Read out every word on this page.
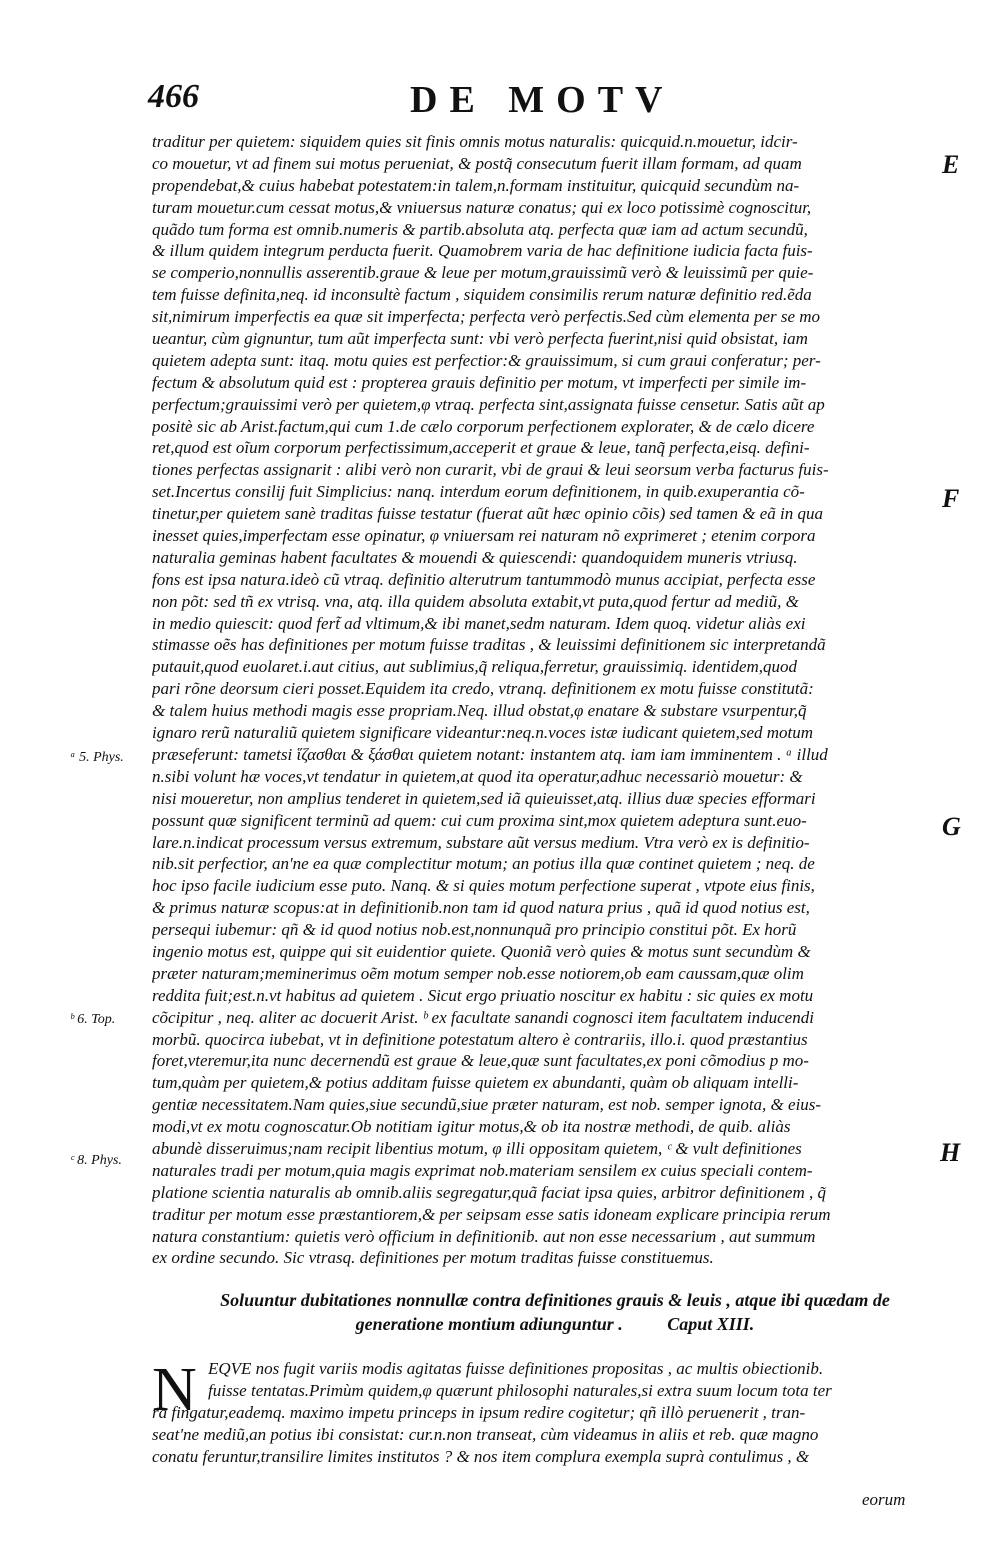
466	DE MOTV
traditur per quietem: siquidem quies sit finis omnis motus naturalis: quicquid.n.mouetur, idcir-
co mouetur, vt ad finem sui motus perueniat, & postq̃ consecutum fuerit illam formam, ad quam
propendebat,& cuius habebat potestatem:in talem,n.formam instituitur, quicquid secundùm na-
turam mouetur.cum cessat motus,& vniuersus naturæ conatus; qui ex loco potissimè cognoscitur,
quãdo tum forma est omnib.numeris & partib.absoluta atq. perfecta quæ iam ad actum secundũ,
& illum quidem integrum perducta fuerit. Quamobrem varia de hac definitione iudicia facta fuis-
se comperio,nonnullis asserentib.graue & leue per motum,grauissimũ verò & leuissimũ per quie-
tem fuisse definita,neq. id inconsultè factum , siquidem consimilis rerum naturæ definitio red.ẽda
sit,nimirum imperfectis ea quæ sit imperfecta; perfecta verò perfectis.Sed cùm elementa per se mo
ueantur, cùm gignuntur, tum aũt imperfecta sunt: vbi verò perfecta fuerint,nisi quid obsistat, iam
quietem adepta sunt: itaq. motu quies est perfectior:& grauissimum, si cum graui conferatur; per-
fectum & absolutum quid est : propterea grauis definitio per motum, vt imperfecti per simile im-
perfectum;grauissimi verò per quietem,φ vtraq. perfecta sint,assignata fuisse censetur. Satis aũt ap
positè sic ab Arist.factum,qui cum 1.de cælo corporum perfectionem explorater, & de cælo dicere
ret,quod est oĩum corporum perfectissimum,acceperit et graue & leue, tanq̃ perfecta,eisq. defini-
tiones perfectas assignarit : alibi verò non curarit, vbi de graui & leui seorsum verba facturus fuis-
set.Incertus consilij fuit Simplicius: nanq. interdum eorum definitionem, in quib.exuperantia cõ-
tinetur,per quietem sanè traditas fuisse testatur (fuerat aũt hæc opinio cõis) sed tamen & eã in qua
inesset quies,imperfectam esse opinatur, φ vniuersam rei naturam nõ exprimeret ; etenim corpora
naturalia geminas habent facultates & mouendi & quiescendi: quandoquidem muneris vtriusq.
fons est ipsa natura.ideò cũ vtraq. definitio alterutrum tantummodò munus accipiat, perfecta esse
non põt: sed tñ ex vtrisq. vna, atq. illa quidem absoluta extabit,vt puta,quod fertur ad mediũ, &
in medio quiescit: quod fert̃ ad vltimum,& ibi manet,sedm naturam. Idem quoq. videtur aliàs exi
stimasse oẽs has definitiones per motum fuisse traditas , & leuissimi definitionem sic interpretandã
putauit,quod euolaret.i.aut citius, aut sublimius,q̃ reliqua,ferretur, grauissimiq. identidem,quod
pari rõne deorsum cieri posset.Equidem ita credo, vtranq. definitionem ex motu fuisse constitutã:
& talem huius methodi magis esse propriam.Neq. illud obstat,φ enatare & substare vsurpentur,q̃
ignaro rerũ naturaliũ quietem significare videantur:neq.n.voces istæ iudicant quietem,sed motum
præseferunt: tametsi ἵζασθαι & ξάσθαι quietem notant: instantem atq. iam iam imminentem . ᵃ illud
n.sibi volunt hæ voces,vt tendatur in quietem,at quod ita operatur,adhuc necessariò mouetur: &
nisi moueretur, non amplius tenderet in quietem,sed iã quieuisset,atq. illius duæ species efformari
possunt quæ significent terminũ ad quem: cui cum proxima sint,mox quietem adeptura sunt.euo-
lare.n.indicat processum versus extremum, substare aũt versus medium. Vtra verò ex is definitio-
nib.sit perfectior, an'ne ea quæ complectitur motum; an potius illa quæ continet quietem ; neq. de
hoc ipso facile iudicium esse puto. Nanq. & si quies motum perfectione superat , vtpote eius finis,
& primus naturæ scopus:at in definitionib.non tam id quod natura prius , quã id quod notius est,
persequi iubemur: qñ & id quod notius nob.est,nonnunquã pro principio constitui põt. Ex horũ
ingenio motus est, quippe qui sit euidentior quiete. Quoniã verò quies & motus sunt secundùm &
præter naturam;meminerimus oẽm motum semper nob.esse notiorem,ob eam caussam,quæ olim
reddita fuit;est.n.vt habitus ad quietem . Sicut ergo priuatio noscitur ex habitu : sic quies ex motu
cõcipitur , neq. aliter ac docuerit Arist. ᵇ ex facultate sanandi cognosci item facultatem inducendi
morbũ. quocirca iubebat, vt in definitione potestatum altero è contrariis, illo.i. quod præstantius
foret,vteremur,ita nunc decernendũ est graue & leue,quæ sunt facultates,ex poni cõmodius p mo-
tum,quàm per quietem,& potius additam fuisse quietem ex abundanti, quàm ob aliquam intelli-
gentiæ necessitatem.Nam quies,siue secundũ,siue præter naturam, est nob. semper ignota, & eius-
modi,vt ex motu cognoscatur.Ob notitiam igitur motus,& ob ita nostræ methodi, de quib. aliàs
abundè disseruimus;nam recipit libentius motum, φ illi oppositam quietem, ᶜ & vult definitiones
naturales tradi per motum,quia magis exprimat nob.materiam sensilem ex cuius speciali contem-
platione scientia naturalis ab omnib.aliis segregatur,quã faciat ipsa quies, arbitror definitionem , q̃
traditur per motum esse præstantiorem,& per seipsam esse satis idoneam explicare principia rerum
natura constantium: quietis verò officium in definitionib. aut non esse necessarium , aut summum
ex ordine secundo. Sic vtrasq. definitiones per motum traditas fuisse constituemus.
ᵃ 5. Phys.
ᵇ 6. Top.
ᶜ 8. Phys.
E
F
G
H
Soluuntur dubitationes nonnullæ contra definitiones grauis & leuis , atque ibi quædam de
generatione montium adiunguntur . Caput XIII.
N EQVE nos fugit variis modis agitatas fuisse definitiones propositas , ac multis obiectionib.
fuisse tentatas.Primùm quidem,φ quærunt philosophi naturales,si extra suum locum tota ter
ra fingatur,eademq. maximo impetu princeps in ipsum redire cogitetur; qñ illò peruenerit , tran-
seat'ne mediũ,an potius ibi consistat: cur.n.non transeat, cùm videamus in aliis et reb. quæ magno
conatu feruntur,transilire limites institutos ? & nos item complura exempla suprà contulimus , &
eorum
